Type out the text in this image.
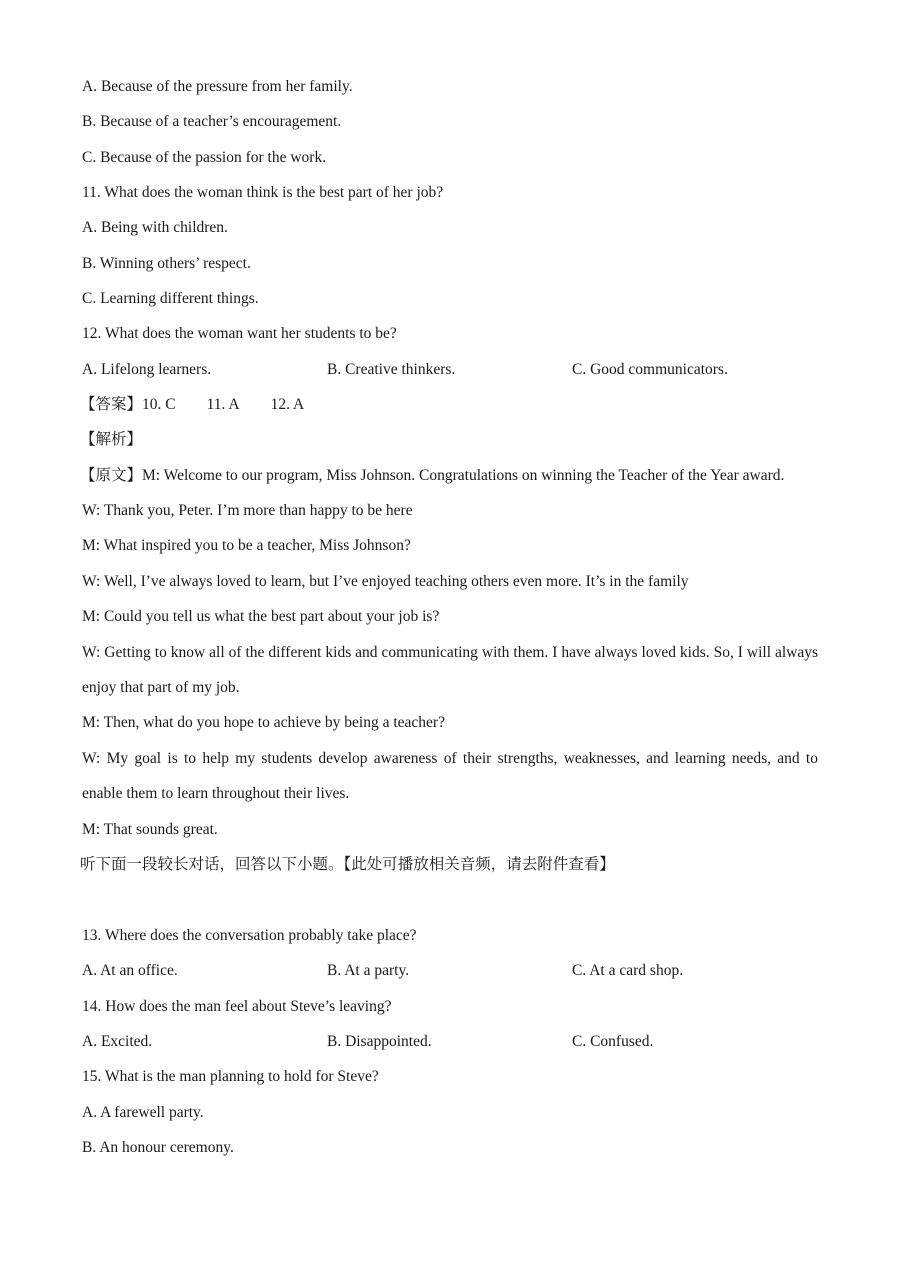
A. Because of the pressure from her family.
B. Because of a teacher’s encouragement.
C. Because of the passion for the work.
11. What does the woman think is the best part of her job?
A. Being with children.
B. Winning others’ respect.
C. Learning different things.
12. What does the woman want her students to be?
A. Lifelong learners.	B. Creative thinkers.	C. Good communicators.
【答案】10. C 11. A 12. A
【解析】
【原文】M: Welcome to our program, Miss Johnson. Congratulations on winning the Teacher of the Year award.
W: Thank you, Peter. I’m more than happy to be here
M: What inspired you to be a teacher, Miss Johnson?
W: Well, I’ve always loved to learn, but I’ve enjoyed teaching others even more. It’s in the family
M: Could you tell us what the best part about your job is?
W: Getting to know all of the different kids and communicating with them. I have always loved kids. So, I will always
enjoy that part of my job.
M: Then, what do you hope to achieve by being a teacher?
W: My goal is to help my students develop awareness of their strengths, weaknesses, and learning needs, and to
enable them to learn throughout their lives.
M: That sounds great.
听下面一段较长对话，回答以下小题。【此处可播放相关音频，请去附件查看】
13. Where does the conversation probably take place?
A. At an office.	B. At a party.	C. At a card shop.
14. How does the man feel about Steve’s leaving?
A. Excited.	B. Disappointed.	C. Confused.
15. What is the man planning to hold for Steve?
A. A farewell party.
B. An honour ceremony.
